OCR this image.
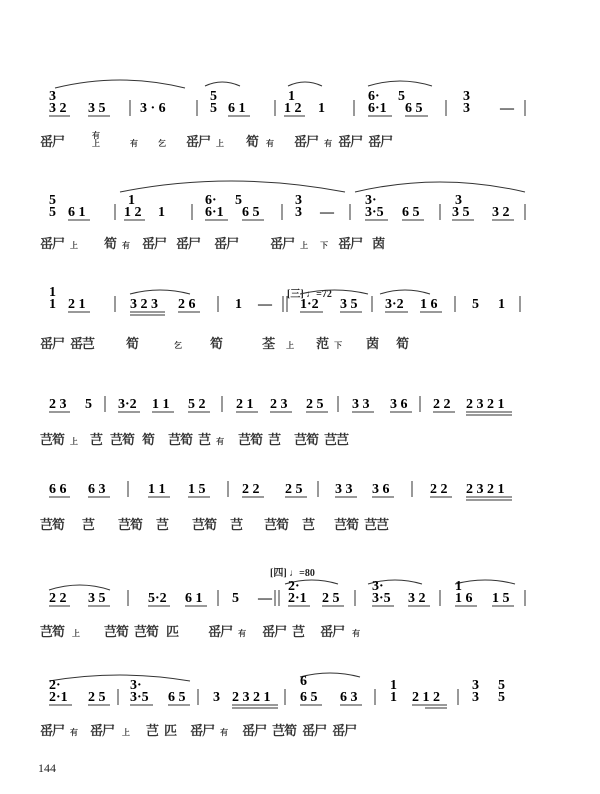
[三] ♩=72
[四] ♩=80
3
3 2 3 5 3 · 6
5
5 6 1
1
1 2 1
6· 5
6·1 6 5
3
3 —
䍃尸	有
上	有	乞 䍃尸 上 筍 有 䍃尸 有 䍃尸 䍃尸
5
5 6 1
1
1 2 1
6· 5
6·1 6 5
3
3 —
3·
3·5 6 5
3
3 5 3 2
䍃尸 上 筍 有 䍃尸 䍃尸 䍃尸 䍃尸 上 下 䍃尸 茵
1
1 2 1	3 2 3 2 6	1 — 1·2 3 5 3·2 1 6 5 1
䍃尸 䍃芑 筍	乞 筍	荃 上 范 下 茵 筍
2 3 5 3·2 1 1 5 2 2 1 2 3 2 5 3 3 3 6 2 2 2 3 2 1
芑筍 上 芑 芑筍 筍 芑筍 芑 有 芑筍 芑 芑筍 芑芑
6 6 6 3	1 1 1 5	2 2 2 5 3 3 3 6	2 2 2 3 2 1
芑筍 芑 芑筍 芑 芑筍 芑 芑筍 芑 芑筍 芑芑
2·	3·	1
2 2 3 5	5·2 6 1 5 — 2·1 2 5 3·5 3 2 1 6 1 5
芑筍 上 芑筍 芑筍 匹 䍃尸 有 䍃尸 芑 䍃尸 有
2·	3·	6	1	3 5
2·1 2 5 3·5 6 5 3 2 3 2 1 6 5 6 3 1 2 1 2 3 5
䍃尸 有 䍃尸 上 芑 匹 䍃尸 有 䍃尸 芑筍 䍃尸 䍃尸
144
